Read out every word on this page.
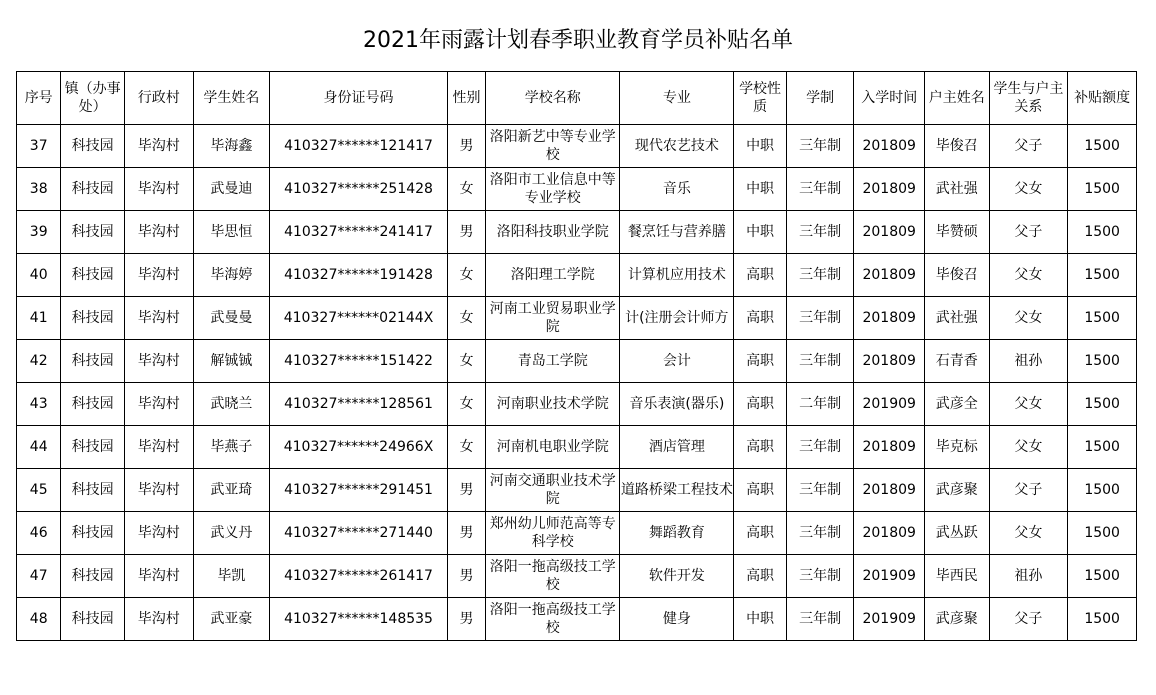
2021年雨露计划春季职业教育学员补贴名单
序号	镇（办事处）	行政村	学生姓名	身份证号码	性别	学校名称	专业	学校性质	学制	入学时间	户主姓名	学生与户主关系	补贴额度
37	科技园	毕沟村	毕海鑫	410327******121417	男	洛阳新艺中等专业学校	现代农艺技术	中职	三年制	201809	毕俊召	父子	1500
38	科技园	毕沟村	武曼迪	410327******251428	女	洛阳市工业信息中等专业学校	音乐	中职	三年制	201809	武社强	父女	1500
39	科技园	毕沟村	毕思恒	410327******241417	男	洛阳科技职业学院	餐烹饪与营养膳	中职	三年制	201809	毕赞硕	父子	1500
40	科技园	毕沟村	毕海婷	410327******191428	女	洛阳理工学院	计算机应用技术	高职	三年制	201809	毕俊召	父女	1500
41	科技园	毕沟村	武曼曼	410327******02144X	女	河南工业贸易职业学院	计(注册会计师方	高职	三年制	201809	武社强	父女	1500
42	科技园	毕沟村	解铖铖	410327******151422	女	青岛工学院	会计	高职	三年制	201809	石青香	祖孙	1500
43	科技园	毕沟村	武晓兰	410327******128561	女	河南职业技术学院	音乐表演(器乐)	高职	二年制	201909	武彦全	父女	1500
44	科技园	毕沟村	毕燕子	410327******24966X	女	河南机电职业学院	酒店管理	高职	三年制	201809	毕克标	父女	1500
45	科技园	毕沟村	武亚琦	410327******291451	男	河南交通职业技术学院	道路桥梁工程技术	高职	三年制	201809	武彦聚	父子	1500
46	科技园	毕沟村	武义丹	410327******271440	男	郑州幼儿师范高等专科学校	舞蹈教育	高职	三年制	201809	武丛跃	父女	1500
47	科技园	毕沟村	毕凯	410327******261417	男	洛阳一拖高级技工学校	软件开发	高职	三年制	201909	毕西民	祖孙	1500
48	科技园	毕沟村	武亚豪	410327******148535	男	洛阳一拖高级技工学校	健身	中职	三年制	201909	武彦聚	父子	1500
